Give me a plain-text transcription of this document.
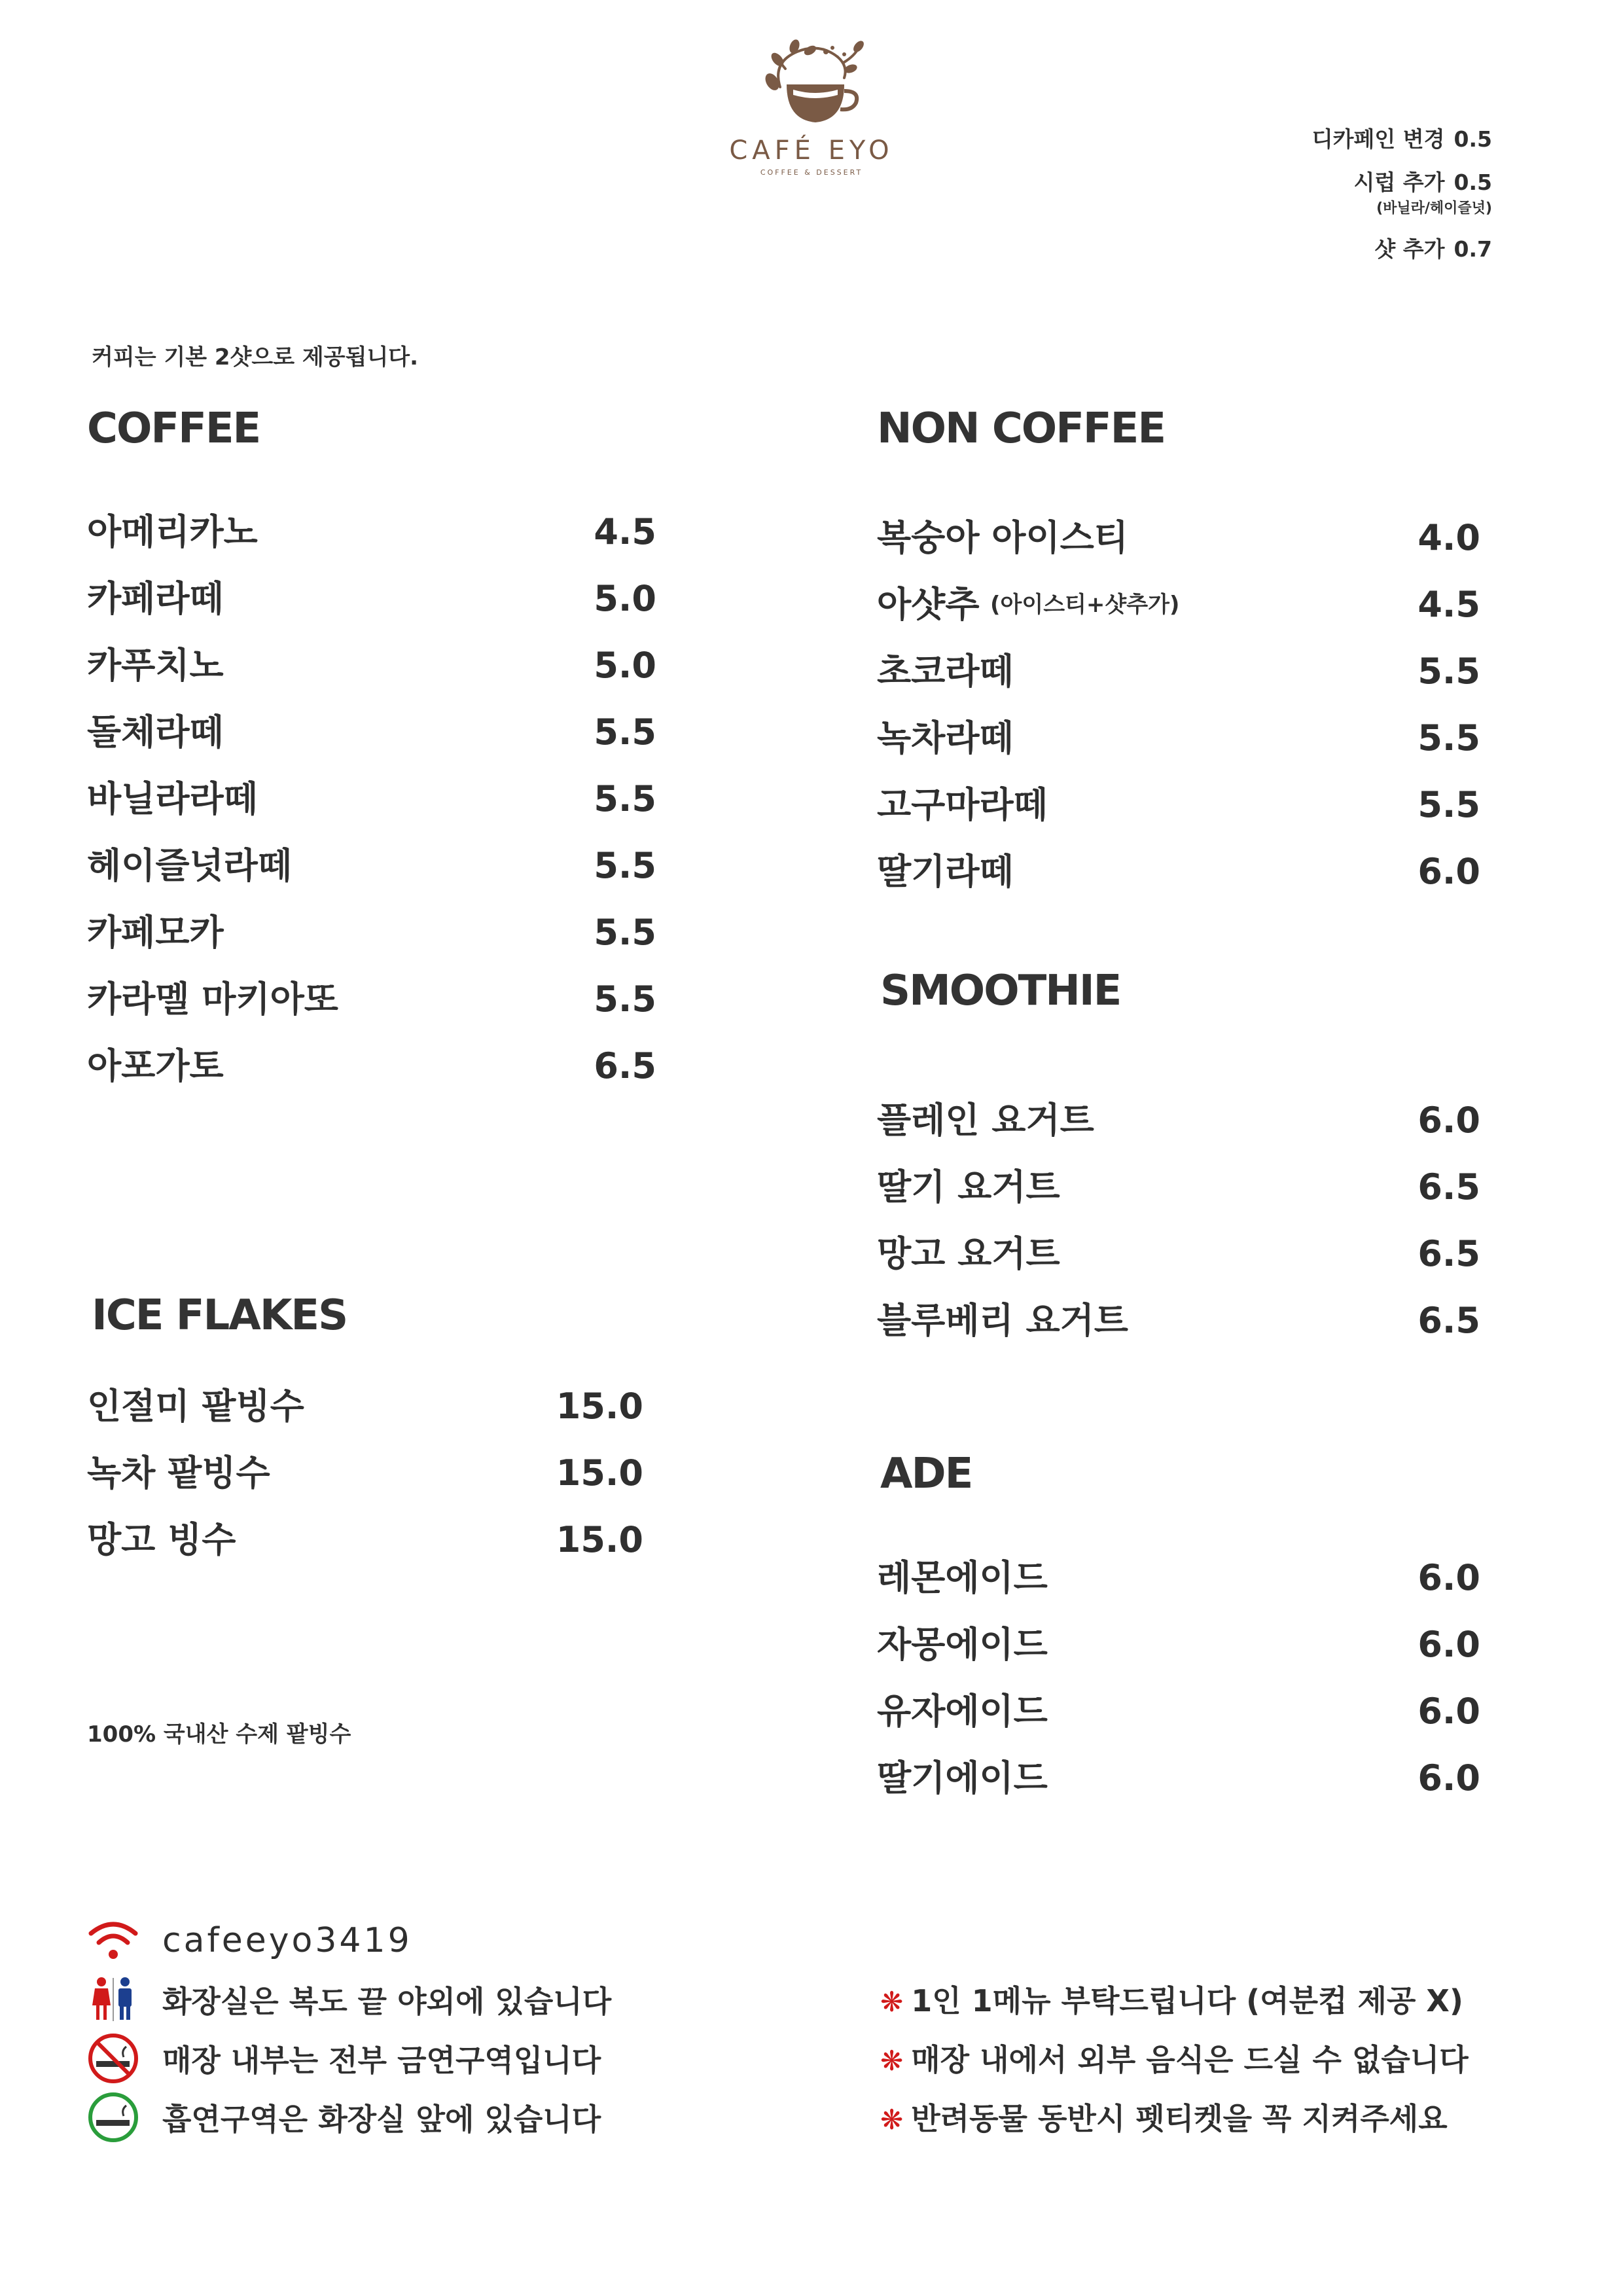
CAFÉ EYO
COFFEE & DESSERT
디카페인 변경 0.5
시럽 추가 0.5
(바닐라/헤이즐넛)
샷 추가 0.7
커피는 기본 2샷으로 제공됩니다.
COFFEE
아메리카노	4.5
카페라떼	5.0
카푸치노	5.0
돌체라떼	5.5
바닐라라떼	5.5
헤이즐넛라떼	5.5
카페모카	5.5
카라멜 마키아또	5.5
아포가토	6.5
ICE FLAKES
인절미 팥빙수	15.0
녹차 팥빙수	15.0
망고 빙수	15.0
100% 국내산 수제 팥빙수
NON COFFEE
복숭아 아이스티	4.0
아샷추 (아이스티+샷추가)	4.5
초코라떼	5.5
녹차라떼	5.5
고구마라떼	5.5
딸기라떼	6.0
SMOOTHIE
플레인 요거트	6.0
딸기 요거트	6.5
망고 요거트	6.5
블루베리 요거트	6.5
ADE
레몬에이드	6.0
자몽에이드	6.0
유자에이드	6.0
딸기에이드	6.0
cafeeyo3419
화장실은 복도 끝 야외에 있습니다
매장 내부는 전부 금연구역입니다
흡연구역은 화장실 앞에 있습니다
❋ 1인 1메뉴 부탁드립니다 (여분컵 제공 X)
❋ 매장 내에서 외부 음식은 드실 수 없습니다
❋ 반려동물 동반시 펫티켓을 꼭 지켜주세요
